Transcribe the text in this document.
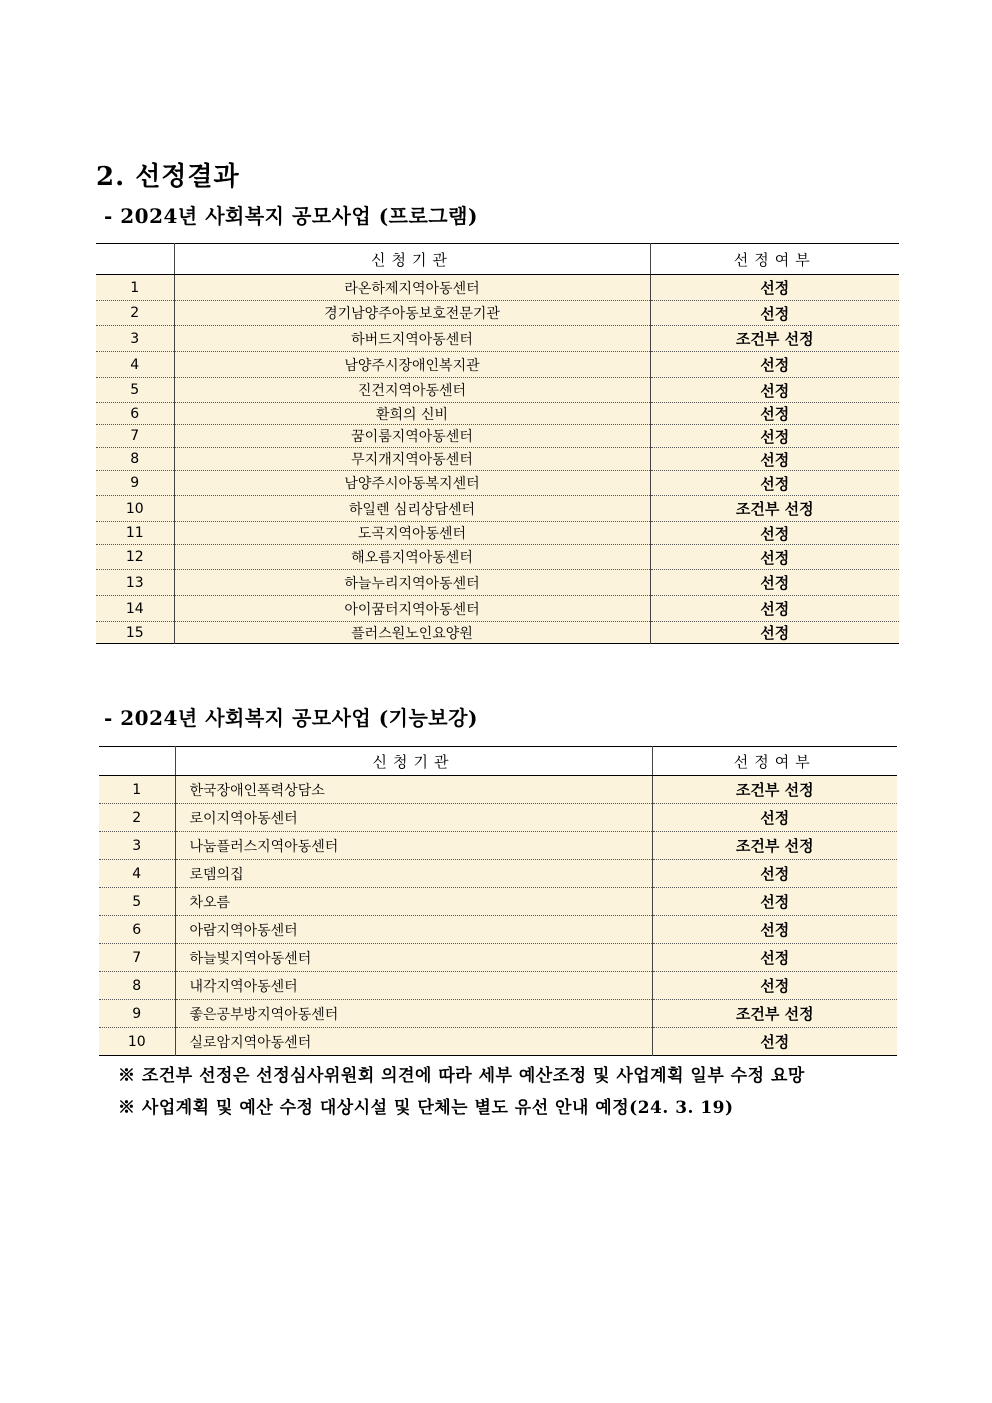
2. 선정결과
- 2024년 사회복지 공모사업 (프로그램)
	신청기관	선정여부
1	라온하제지역아동센터	선정
2	경기남양주아동보호전문기관	선정
3	하버드지역아동센터	조건부 선정
4	남양주시장애인복지관	선정
5	진건지역아동센터	선정
6	환희의 신비	선정
7	꿈이룸지역아동센터	선정
8	무지개지역아동센터	선정
9	남양주시아동복지센터	선정
10	하일렌 심리상담센터	조건부 선정
11	도곡지역아동센터	선정
12	해오름지역아동센터	선정
13	하늘누리지역아동센터	선정
14	아이꿈터지역아동센터	선정
15	플러스원노인요양원	선정
- 2024년 사회복지 공모사업 (기능보강)
	신청기관	선정여부
1	한국장애인폭력상담소	조건부 선정
2	로이지역아동센터	선정
3	나눔플러스지역아동센터	조건부 선정
4	로뎀의집	선정
5	차오름	선정
6	아람지역아동센터	선정
7	하늘빛지역아동센터	선정
8	내각지역아동센터	선정
9	좋은공부방지역아동센터	조건부 선정
10	실로암지역아동센터	선정
※ 조건부 선정은 선정심사위원회 의견에 따라 세부 예산조정 및 사업계획 일부 수정 요망
※ 사업계획 및 예산 수정 대상시설 및 단체는 별도 유선 안내 예정(24. 3. 19)
